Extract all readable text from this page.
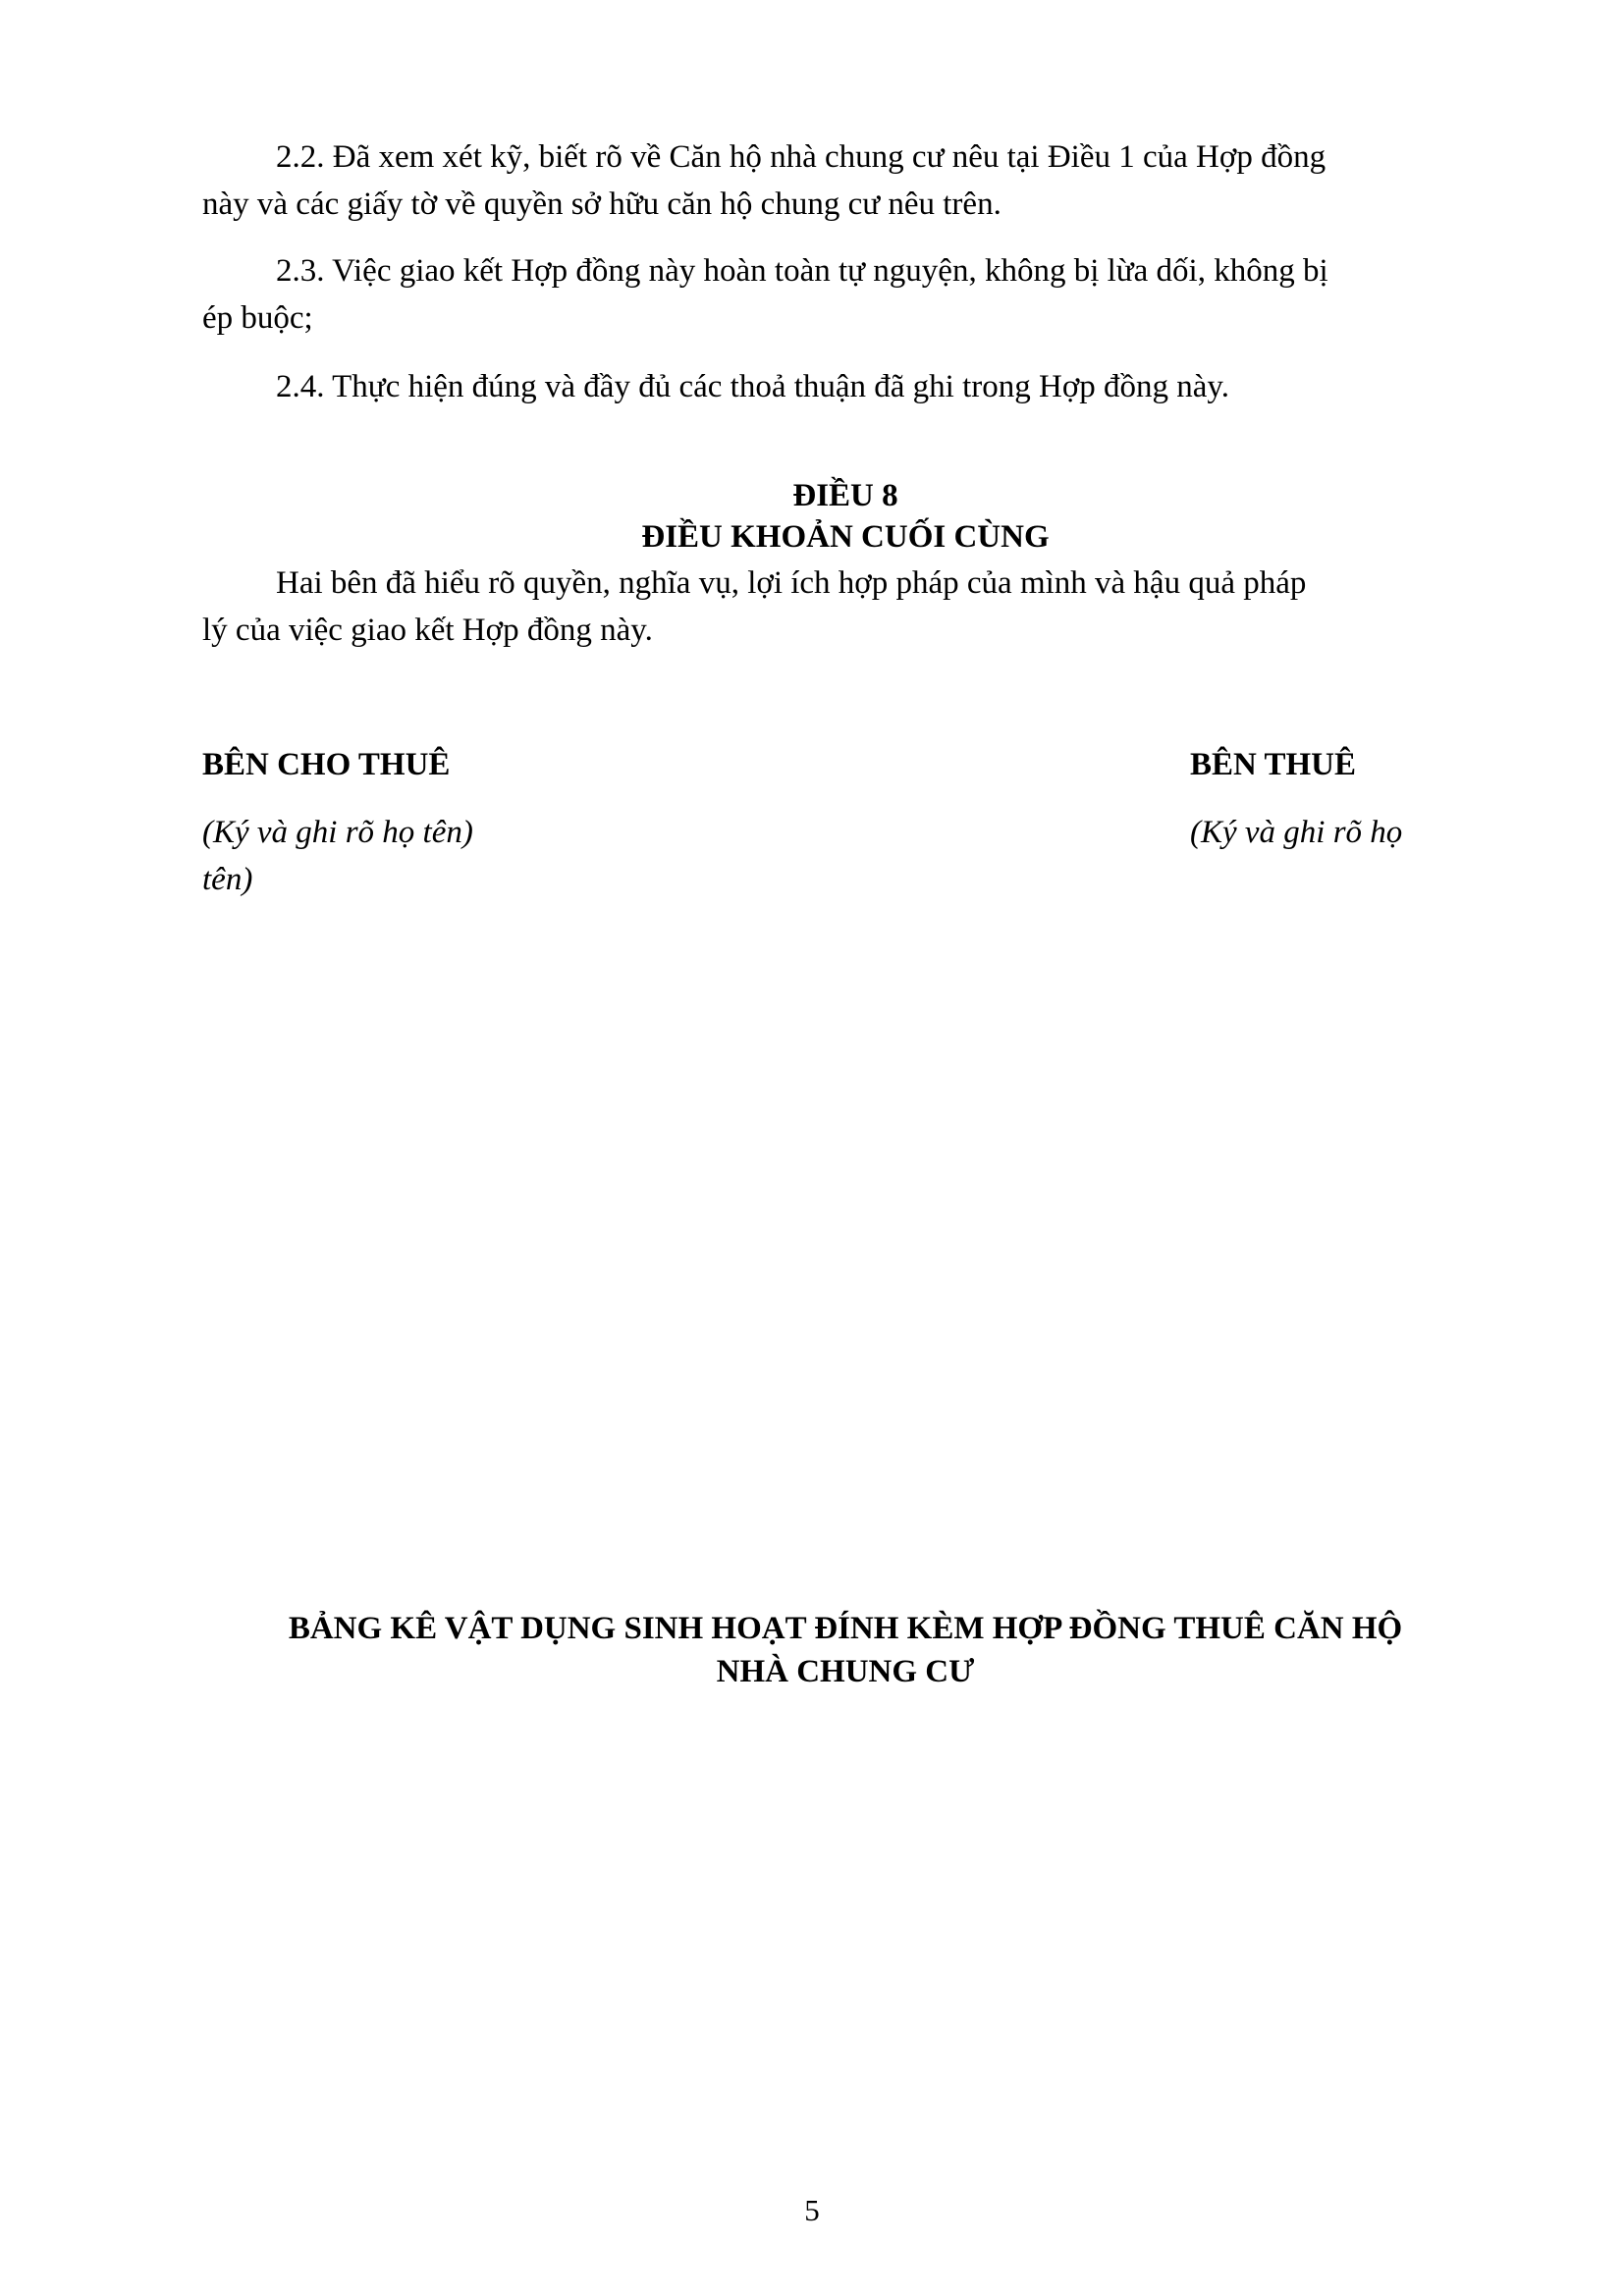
2.2. Đã xem xét kỹ, biết rõ về Căn hộ nhà chung cư nêu tại Điều 1 của Hợp đồng
này và các giấy tờ về quyền sở hữu căn hộ chung cư nêu trên.

2.3. Việc giao kết Hợp đồng này hoàn toàn tự nguyện, không bị lừa dối, không bị
ép buộc;

2.4. Thực hiện đúng và đầy đủ các thoả thuận đã ghi trong Hợp đồng này.

ĐIỀU 8

ĐIỀU KHOẢN CUỐI CÙNG

Hai bên đã hiểu rõ quyền, nghĩa vụ, lợi ích hợp pháp của mình và hậu quả pháp
lý của việc giao kết Hợp đồng này.

BÊN CHO THUÊ	BÊN THUÊ

(Ký và ghi rõ họ tên)

tên)

(Ký và ghi rõ họ

BẢNG KÊ VẬT DỤNG SINH HOẠT ĐÍNH KÈM HỢP ĐỒNG THUÊ CĂN HỘ

NHÀ CHUNG CƯ

5
